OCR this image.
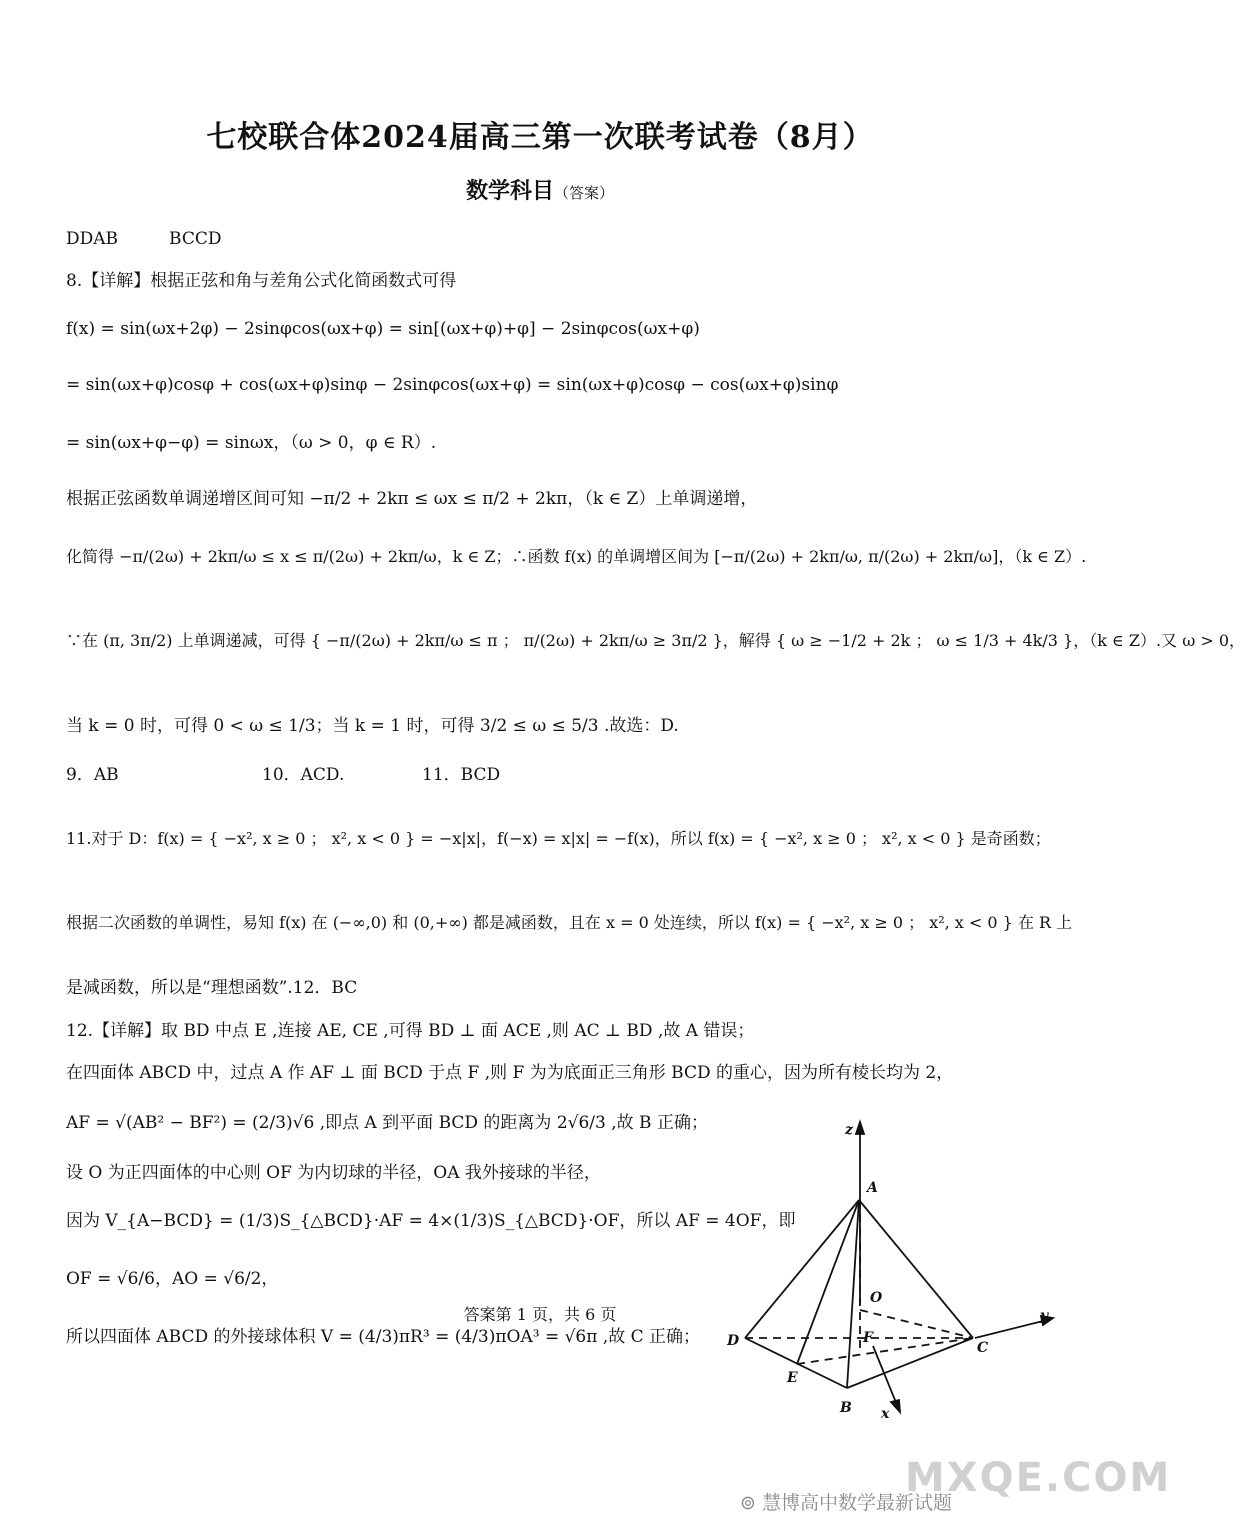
七校联合体2024届高三第一次联考试卷（8月）
数学科目（答案）
DDAB　　　BCCD
8.【详解】根据正弦和角与差角公式化简函数式可得
f(x) = sin(ωx+2φ) − 2sinφcos(ωx+φ) = sin[(ωx+φ)+φ] − 2sinφcos(ωx+φ)
= sin(ωx+φ)cosφ + cos(ωx+φ)sinφ − 2sinφcos(ωx+φ) = sin(ωx+φ)cosφ − cos(ωx+φ)sinφ
= sin(ωx+φ−φ) = sinωx，（ω > 0，φ ∈ R）.
根据正弦函数单调递增区间可知 −π/2 + 2kπ ≤ ωx ≤ π/2 + 2kπ，（k ∈ Z）上单调递增，
化简得 −π/(2ω) + 2kπ/ω ≤ x ≤ π/(2ω) + 2kπ/ω，k ∈ Z；∴函数 f(x) 的单调增区间为 [−π/(2ω) + 2kπ/ω, π/(2ω) + 2kπ/ω]，（k ∈ Z）.
∵在 (π, 3π/2) 上单调递减，可得 { −π/(2ω) + 2kπ/ω ≤ π ； π/(2ω) + 2kπ/ω ≥ 3π/2 }，解得 { ω ≥ −1/2 + 2k ； ω ≤ 1/3 + 4k/3 }，（k ∈ Z）.又 ω > 0，
当 k = 0 时，可得 0 < ω ≤ 1/3；当 k = 1 时，可得 3/2 ≤ ω ≤ 5/3 .故选：D.
9．AB	10．ACD.	11．BCD
11.对于 D：f(x) = { −x², x ≥ 0 ； x², x < 0 } = −x|x|，f(−x) = x|x| = −f(x)，所以 f(x) = { −x², x ≥ 0 ； x², x < 0 } 是奇函数；
根据二次函数的单调性，易知 f(x) 在 (−∞,0) 和 (0,+∞) 都是减函数，且在 x = 0 处连续，所以 f(x) = { −x², x ≥ 0 ； x², x < 0 } 在 R 上
是减函数，所以是“理想函数”.12．BC
12.【详解】取 BD 中点 E ,连接 AE, CE ,可得 BD ⊥ 面 ACE ,则 AC ⊥ BD ,故 A 错误；
在四面体 ABCD 中，过点 A 作 AF ⊥ 面 BCD 于点 F ,则 F 为为底面正三角形 BCD 的重心，因为所有棱长均为 2，
AF = √(AB² − BF²) = (2/3)√6 ,即点 A 到平面 BCD 的距离为 2√6/3 ,故 B 正确；
设 O 为正四面体的中心则 OF 为内切球的半径，OA 我外接球的半径，
因为 V_{A−BCD} = (1/3)S_{△BCD}·AF = 4×(1/3)S_{△BCD}·OF，所以 AF = 4OF，即
OF = √6/6，AO = √6/2，
所以四面体 ABCD 的外接球体积 V = (4/3)πR³ = (4/3)πOA³ = √6π ,故 C 正确；
z
y
x
A
B
C
D
E
F
O
答案第 1 页，共 6 页
MXQE.COM
⊚ 慧博高中数学最新试题
